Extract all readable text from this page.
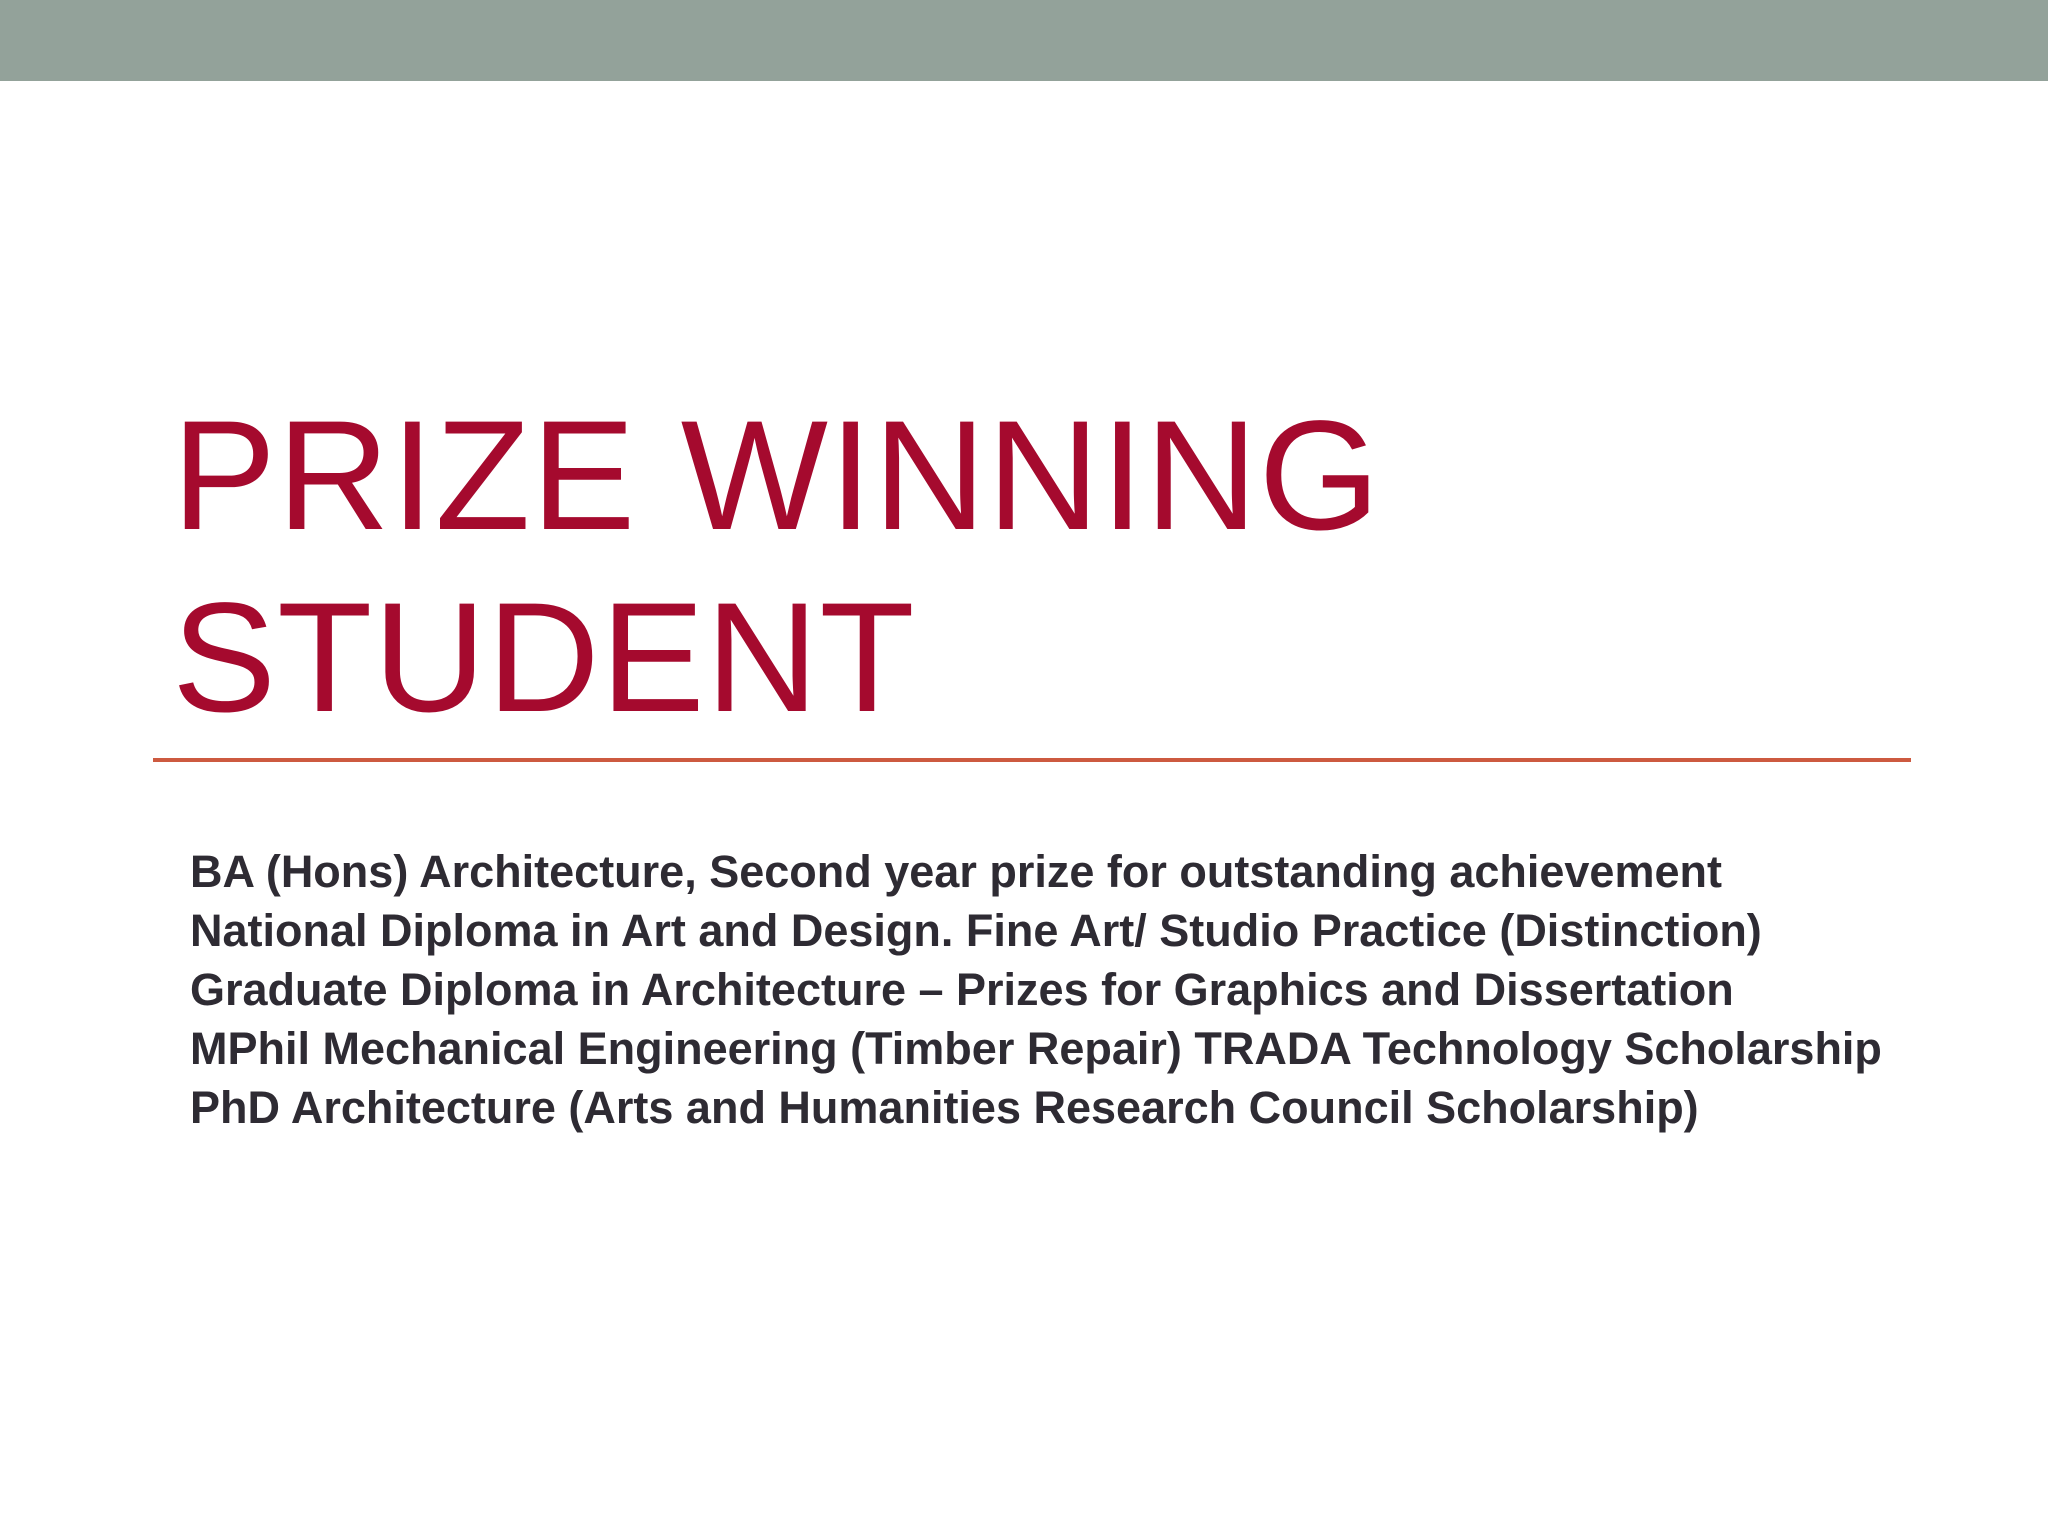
PRIZE WINNING
STUDENT
BA (Hons) Architecture, Second year prize for outstanding achievement
National Diploma in Art and Design. Fine Art/ Studio Practice (Distinction)
Graduate Diploma in Architecture – Prizes for Graphics and Dissertation
MPhil Mechanical Engineering (Timber Repair) TRADA Technology Scholarship
PhD Architecture (Arts and Humanities Research Council Scholarship)
